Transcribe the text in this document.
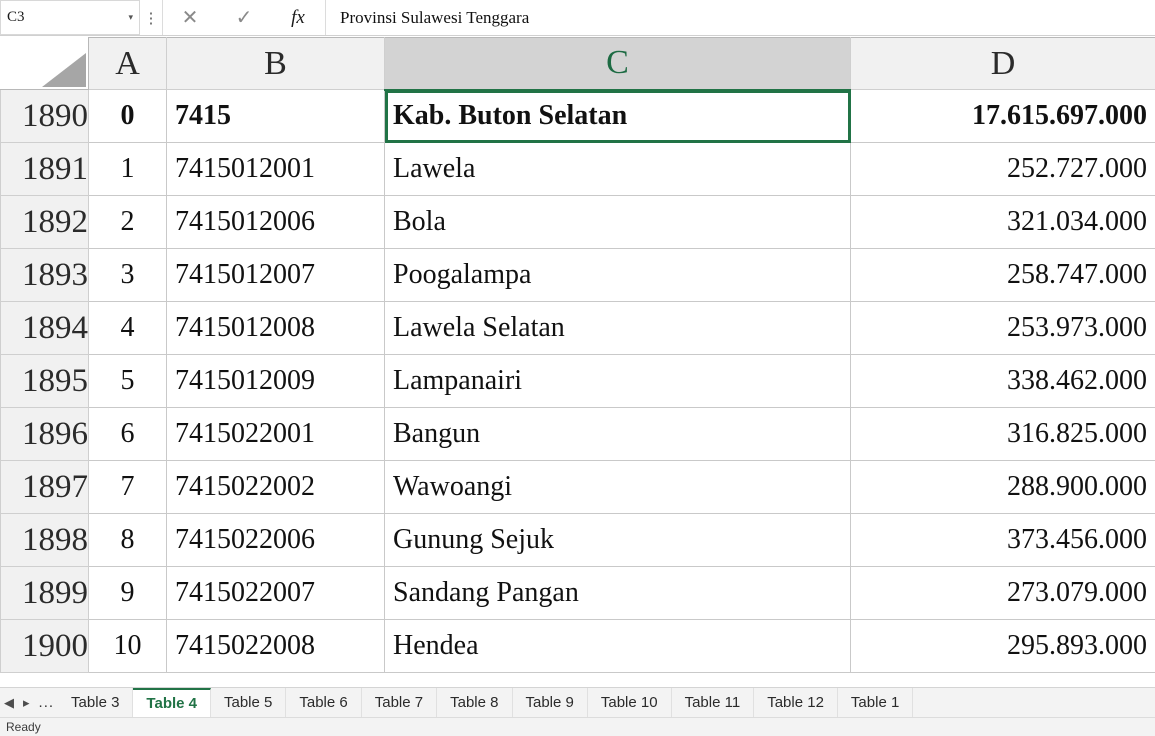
C3	▾ ⋮	✕	✓	fx	Provinsi Sulawesi Tenggara
	A	B	C	D
1890	0	7415	Kab. Buton Selatan	17.615.697.000
1891	1	7415012001	Lawela	252.727.000
1892	2	7415012006	Bola	321.034.000
1893	3	7415012007	Poogalampa	258.747.000
1894	4	7415012008	Lawela Selatan	253.973.000
1895	5	7415012009	Lampanairi	338.462.000
1896	6	7415022001	Bangun	316.825.000
1897	7	7415022002	Wawoangi	288.900.000
1898	8	7415022006	Gunung Sejuk	373.456.000
1899	9	7415022007	Sandang Pangan	273.079.000
1900	10	7415022008	Hendea	295.893.000
◀ ▸ ...	Table 3	Table 4	Table 5	Table 6	Table 7	Table 8	Table 9	Table 10	Table 11	Table 12	Table 1
Ready
